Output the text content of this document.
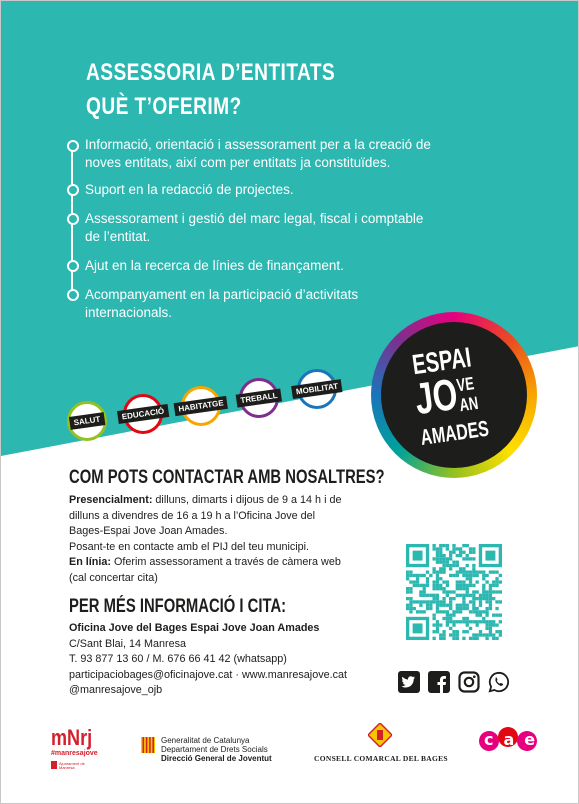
ASSESSORIA D’ENTITATS
QUÈ T’OFERIM?
Informació, orientació i assessorament per a la creació de
noves entitats, així com per entitats ja constituïdes.
Suport en la redacció de projectes.
Assessorament i gestió del marc legal, fiscal i comptable
de l’entitat.
Ajut en la recerca de línies de finançament.
Acompanyament en la participació d’activitats
internacionals.
SALUT	EDUCACIÓ
HABITATGE
TREBALL
MOBILITAT
ESPAI
JO
VE
AN
AMADES
COM POTS CONTACTAR AMB NOSALTRES?
Presencialment: dilluns, dimarts i dijous de 9 a 14 h i de
dilluns a divendres de 16 a 19 h a l’Oficina Jove del
Bages-Espai Jove Joan Amades.
Posant-te en contacte amb el PIJ del teu municipi.
En línia: Oferim assessorament a través de càmera web
(cal concertar cita)
PER MÉS INFORMACIÓ I CITA:
Oficina Jove del Bages Espai Jove Joan Amades
C/Sant Blai, 14 Manresa
T. 93 877 13 60 / M. 676 66 41 42 (whatsapp)
participaciobages@oficinajove.cat · www.manresajove.cat
@manresajove_ojb
mNrj
#manresajove
Ajuntament de Manresa
Generalitat de Catalunya
Departament de Drets Socials
Direcció General de Joventut	CONSELL COMARCAL DEL BAGES
cae
